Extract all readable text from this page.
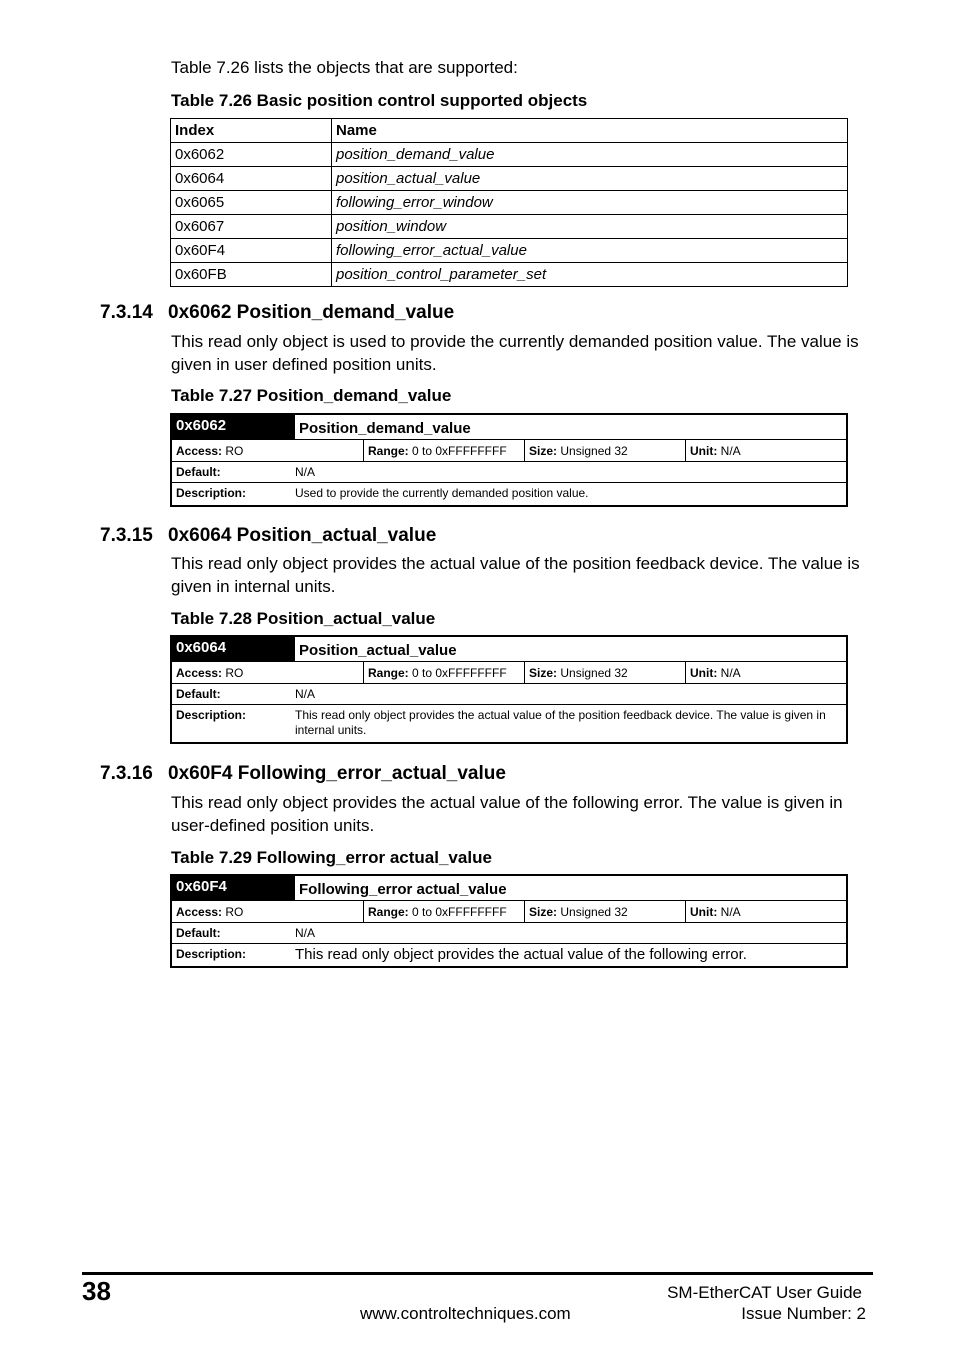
Table 7.26 lists the objects that are supported:
Table 7.26 Basic position control supported objects
Index	Name
0x6062	position_demand_value
0x6064	position_actual_value
0x6065	following_error_window
0x6067	position_window
0x60F4	following_error_actual_value
0x60FB	position_control_parameter_set
7.3.14 0x6062 Position_demand_value
This read only object is used to provide the currently demanded position value. The value is given in user defined position units.
Table 7.27 Position_demand_value
0x6062	Position_demand_value
Access: RO	Range: 0 to 0xFFFFFFFF	Size: Unsigned 32	Unit: N/A
Default:	N/A
Description:	Used to provide the currently demanded position value.
7.3.15 0x6064 Position_actual_value
This read only object provides the actual value of the position feedback device. The value is given in internal units.
Table 7.28 Position_actual_value
0x6064	Position_actual_value
Access: RO	Range: 0 to 0xFFFFFFFF	Size: Unsigned 32	Unit: N/A
Default:	N/A
Description:	This read only object provides the actual value of the position feedback device. The value is given in internal units.
7.3.16 0x60F4 Following_error_actual_value
This read only object provides the actual value of the following error. The value is given in user-defined position units.
Table 7.29 Following_error actual_value
0x60F4	Following_error actual_value
Access: RO	Range: 0 to 0xFFFFFFFF	Size: Unsigned 32	Unit: N/A
Default:	N/A
Description:	This read only object provides the actual value of the following error.
38	SM-EtherCAT User Guide
www.controltechniques.com	Issue Number: 2
